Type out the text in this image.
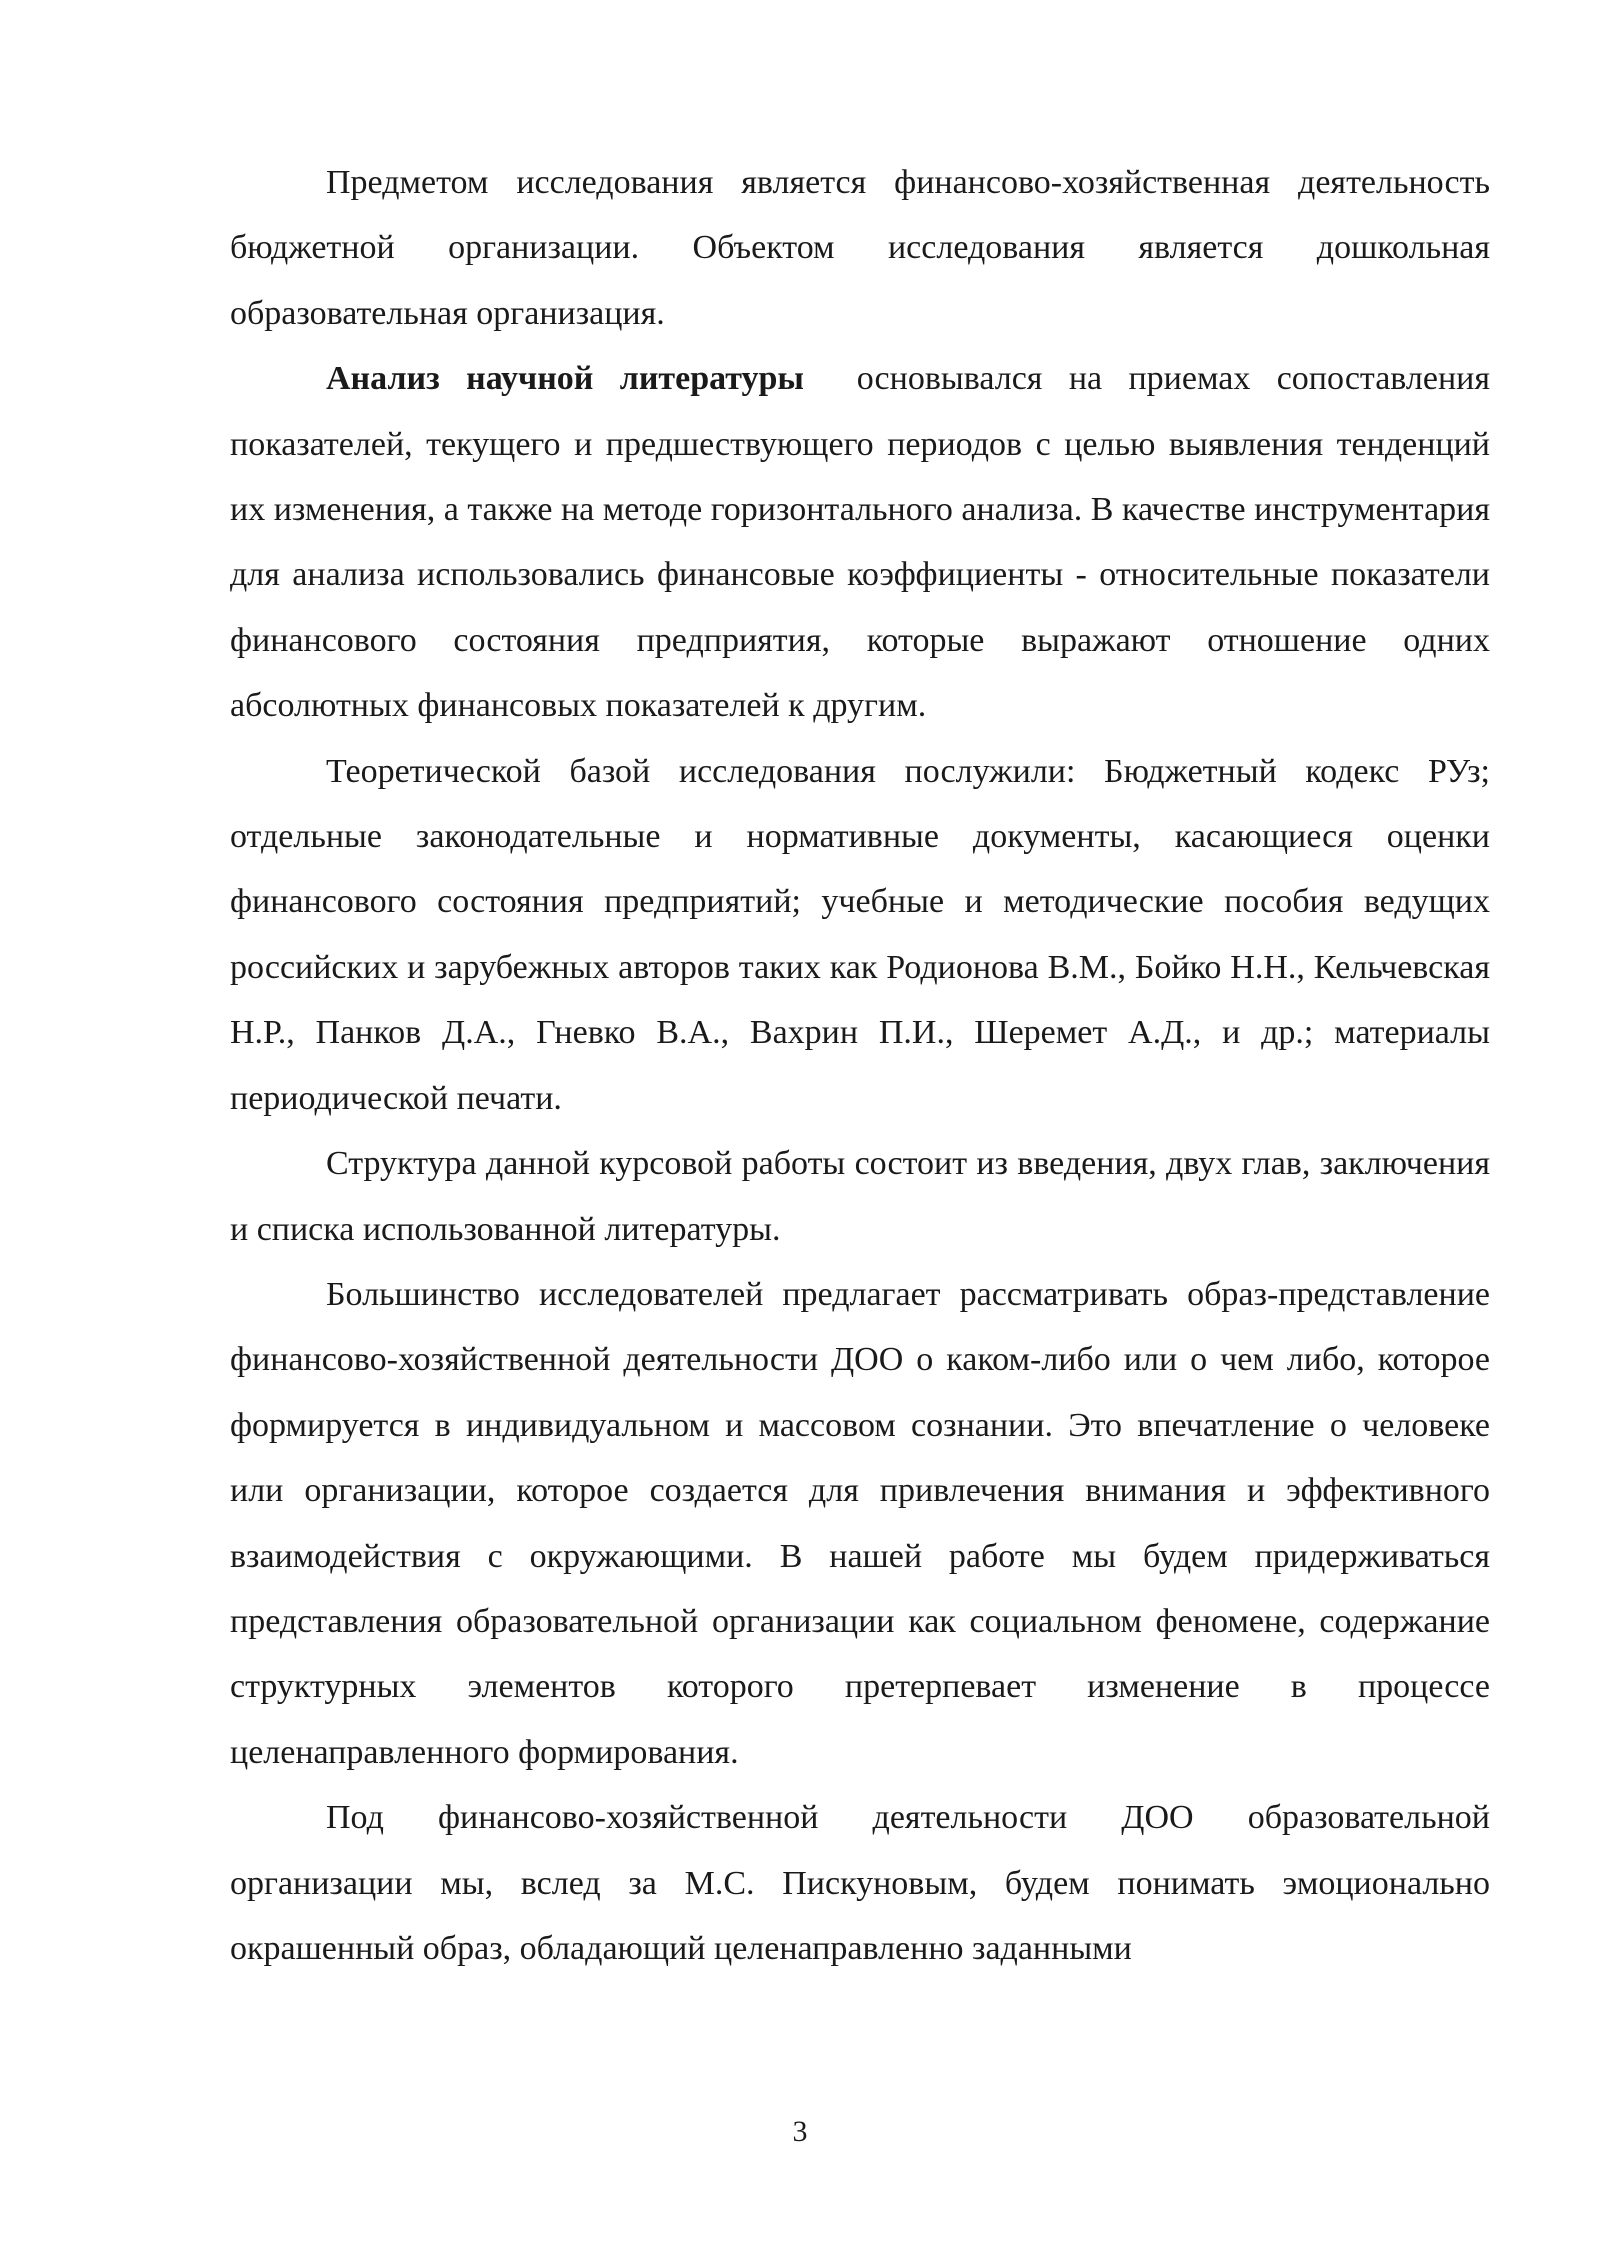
Предметом исследования является финансово-хозяйственная деятельность бюджетной организации. Объектом исследования является дошкольная образовательная организация.

Анализ научной литературы  основывался на приемах сопоставления показателей, текущего и предшествующего периодов с целью выявления тенденций их изменения, а также на методе горизонтального анализа. В качестве инструментария для анализа использовались финансовые коэффициенты - относительные показатели финансового состояния предприятия, которые выражают отношение одних абсолютных финансовых показателей к другим.

Теоретической базой исследования послужили: Бюджетный кодекс РУз; отдельные законодательные и нормативные документы, касающиеся оценки финансового состояния предприятий; учебные и методические пособия ведущих российских и зарубежных авторов таких как Родионова В.М., Бойко Н.Н., Кельчевская Н.Р., Панков Д.А., Гневко В.А., Вахрин П.И., Шеремет А.Д., и др.; материалы периодической печати.

Структура данной курсовой работы состоит из введения, двух глав, заключения и списка использованной литературы.

Большинство исследователей предлагает рассматривать образ-представление финансово-хозяйственной деятельности ДОО о каком-либо или о чем либо, которое формируется в индивидуальном и массовом сознании. Это впечатление о человеке или организации, которое создается для привлечения внимания и эффективного взаимодействия с окружающими. В нашей работе мы будем придерживаться представления образовательной организации как социальном феномене, содержание структурных элементов которого претерпевает изменение в процессе целенаправленного формирования.

Под финансово-хозяйственной деятельности ДОО образовательной организации мы, вслед за М.С. Пискуновым, будем понимать эмоционально окрашенный образ, обладающий целенаправленно заданными

3
